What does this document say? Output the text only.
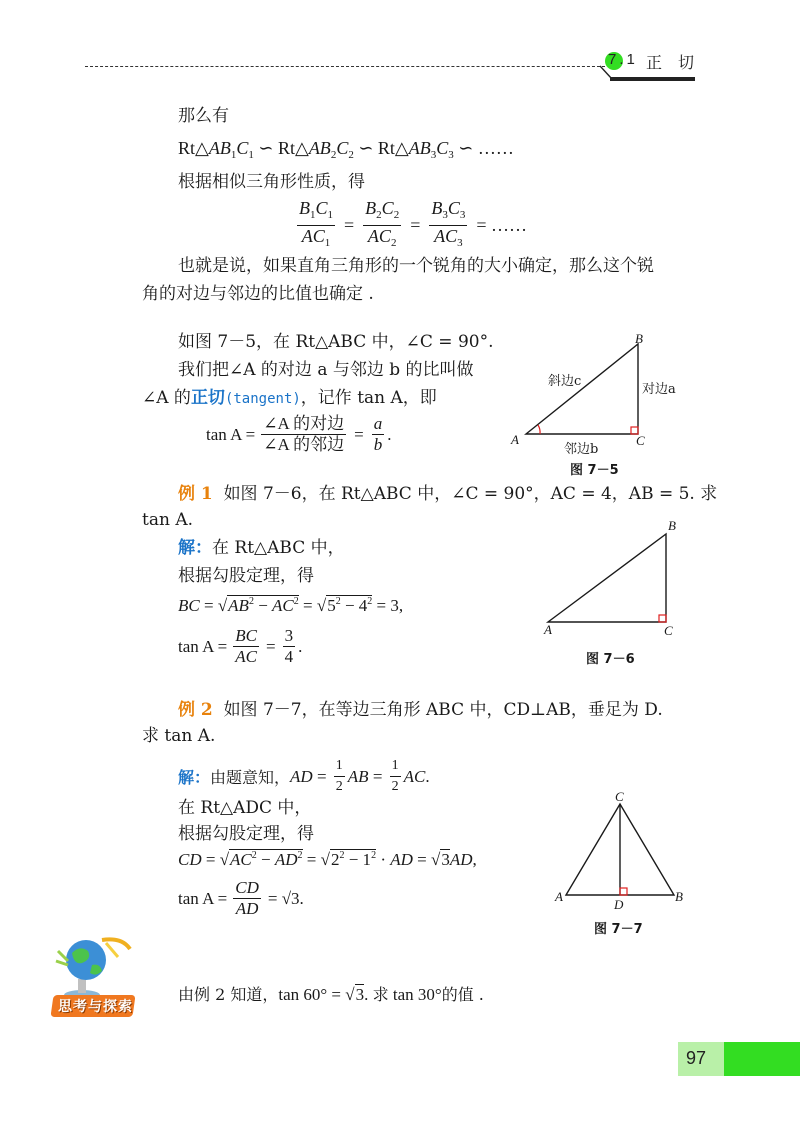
7.1 正　切
那么有
$Rt\triangle AB_1C_1$ ∽ $Rt\triangle AB_2C_2$ ∽ $Rt\triangle AB_3C_3$ ∽ ……
根据相似三角形性质，得
$\frac{B_1C_1}{AC_1} = \frac{B_2C_2}{AC_2} = \frac{B_3C_3}{AC_3}$ = ……
也就是说，如果直角三角形的一个锐角的大小确定，那么这个锐
角的对边与邻边的比值也确定 .
如图 7－5，在 Rt△ABC 中，∠C = 90°.
我们把∠A 的对边 a 与邻边 b 的比叫做
∠A 的正切(tangent)，记作 tan A，即
$\tan A = \frac{\text{∠A 的对边}}{\text{∠A 的邻边}} = \frac{a}{b}$ .	A
B
C
斜边c
对边a
邻边b
图 7－5
例 1 如图 7－6，在 Rt△ABC 中，∠C = 90°，AC = 4，AB = 5. 求
tan A.
解：在 Rt△ABC 中，
根据勾股定理，得
BC = $√AB^2 - AC^2 = √5^2 - 4^2 = 3$,
$\tan A = \frac{BC}{AC} = \frac{3}{4}$ .
A
B
C
图 7－6
例 2 如图 7－7，在等边三角形 ABC 中，CD⊥AB，垂足为 D.
求 tan A.
解： 由题意知， AD = $\frac{1}{2}$ AB = $\frac{1}{2}$ AC .
在 Rt△ADC 中，
根据勾股定理，得
CD = $√AC^2 - AD^2 = √2^2 - 1^2$ · AD = √3AD,
$\tan A = \frac{CD}{AD} = √3$.
C
A	B
D
图 7－7
思考与探索
由例 2 知道，tan 60° = √3. 求 tan 30°的值 .
97
